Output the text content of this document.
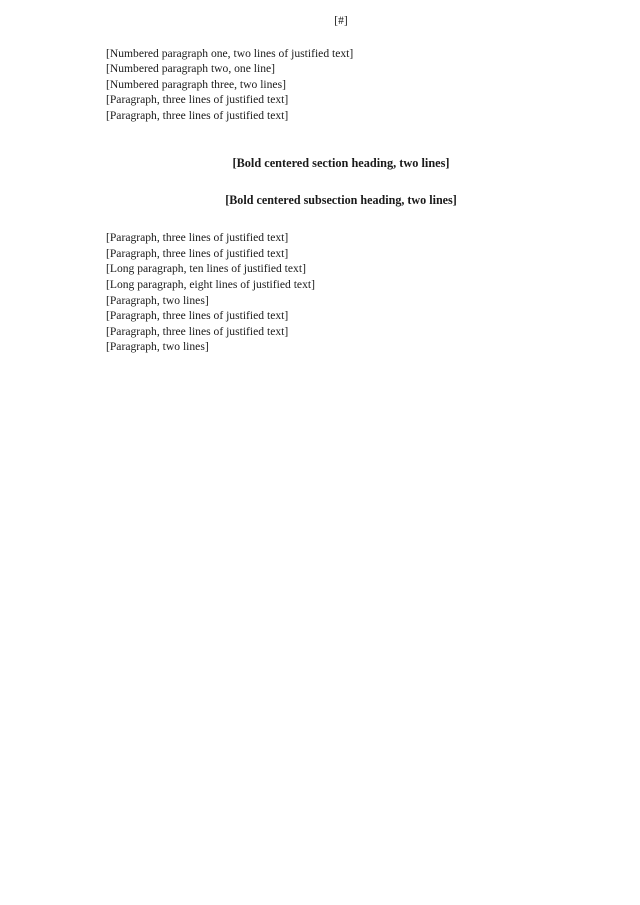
[#]

[Numbered paragraph one, two lines of justified text]

[Numbered paragraph two, one line]

[Numbered paragraph three, two lines]

[Paragraph, three lines of justified text]

[Paragraph, three lines of justified text]

[Bold centered section heading, two lines]
[Bold centered subsection heading, two lines]

[Paragraph, three lines of justified text]

[Paragraph, three lines of justified text]

[Long paragraph, ten lines of justified text]

[Long paragraph, eight lines of justified text]

[Paragraph, two lines]

[Paragraph, three lines of justified text]

[Paragraph, three lines of justified text]

[Paragraph, two lines]
